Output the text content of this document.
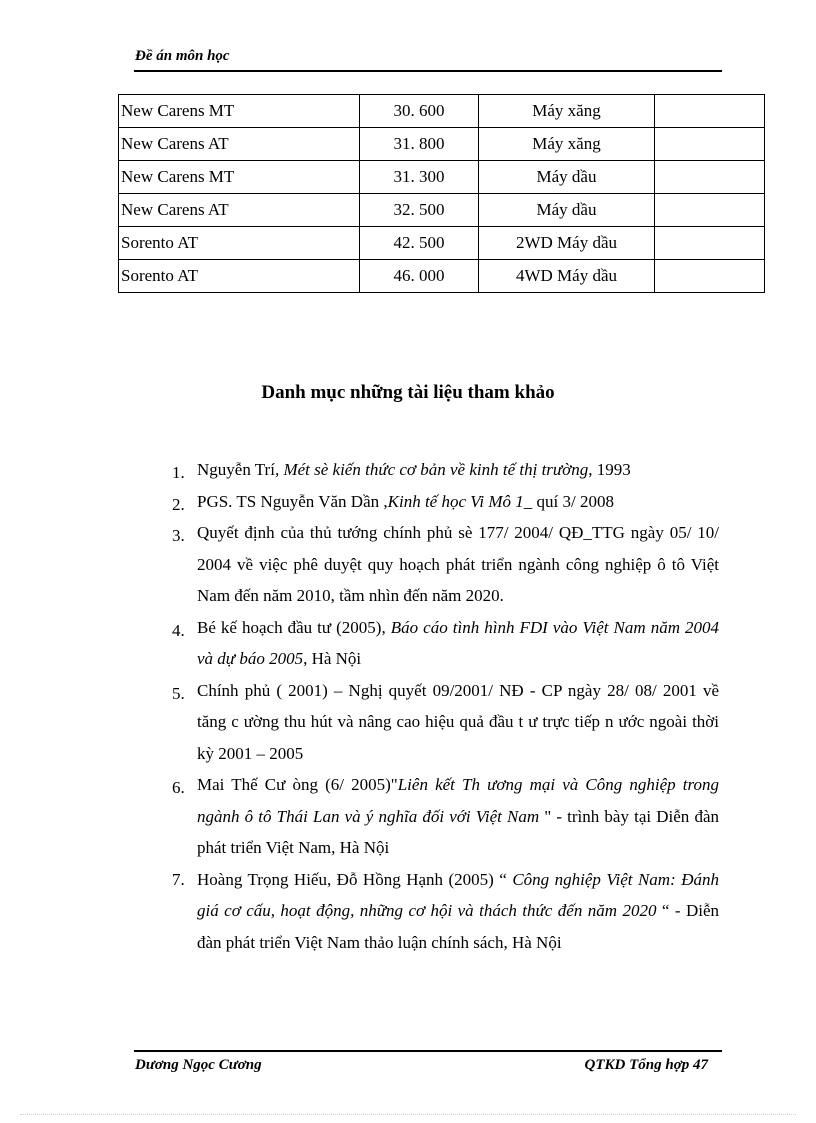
Đề án môn học
New Carens MT	30. 600	Máy xăng	
New Carens AT	31. 800	Máy xăng	
New Carens MT	31. 300	Máy dầu	
New Carens AT	32. 500	Máy dầu	
Sorento AT	42. 500	2WD Máy dầu	
Sorento AT	46. 000	4WD Máy dầu	
Danh mục những tài liệu tham khảo
1. Nguyễn Trí, Mét sè kiến thức cơ bản về kinh tế thị trường, 1993
2. PGS. TS Nguyễn Văn Dần ,Kinh tế học Vi Mô 1_ quí 3/ 2008
3. Quyết định của thủ tướng chính phủ sè 177/ 2004/ QĐ_TTG ngày 05/ 10/ 2004 về việc phê duyệt quy hoạch phát triển ngành công nghiệp ô tô Việt Nam đến năm 2010, tầm nhìn đến năm 2020.
4. Bé kế hoạch đầu tư (2005), Báo cáo tình hình FDI vào Việt Nam năm 2004 và dự báo 2005, Hà Nội
5. Chính phủ ( 2001) – Nghị quyết 09/2001/ NĐ - CP ngày 28/ 08/ 2001 về tăng c ường thu hút và nâng cao hiệu quả đầu t ư trực tiếp n ước ngoài thời kỳ 2001 – 2005
6. Mai Thế Cư òng (6/ 2005)"Liên kết Th ương mại và Công nghiệp trong ngành ô tô Thái Lan và ý nghĩa đối với Việt Nam " - trình bày tại Diễn đàn phát triển Việt Nam, Hà Nội
7. Hoàng Trọng Hiếu, Đỗ Hồng Hạnh (2005) “ Công nghiệp Việt Nam: Đánh giá cơ cấu, hoạt động, những cơ hội và thách thức đến năm 2020 “ - Diễn đàn phát triển Việt Nam thảo luận chính sách, Hà Nội
Dương Ngọc Cương	QTKD Tổng hợp 47
